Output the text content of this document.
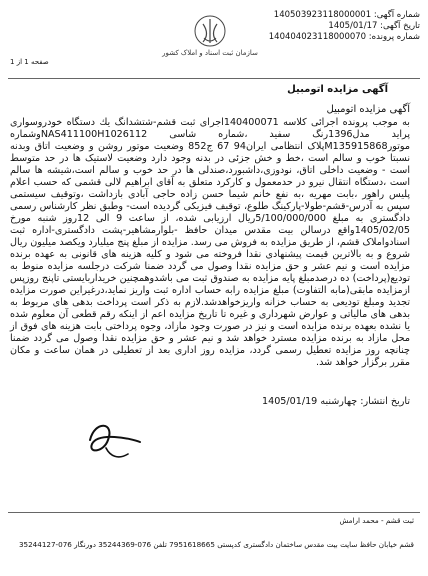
شماره آگهی: 140503923118000001
تاریخ آگهی: 1405/01/17
شماره پرونده: 140404023118000070
سازمان ثبت اسناد و املاک کشور
صفحه 1 از 1
آگهی مزایده اتومبیل

آگهی مزایده اتومبیل

به موجب پرونده اجرائی کلاسه 140400071اجرای ثبت قشم-شتشدانگ یك دستگاه خودروسواری پراید مدل1396رنگ سفید ،شماره شاسی NAS411100H1026112وشماره موتورM135915868پلاک انتظامی ایران94 67 ج852 وضعیت موتور روشن و وضعیت اتاق وبدنه نسبتا خوب و سالم است ،خط و خش جزئی در بدنه وجود دارد وضعیت لاستیک ها در حد متوسط است - وضعیت داخلی اتاق، نودوزی،داشبورد،صندلی ها در حد خوب و سالم است،شیشه ها سالم است ،دستگاه انتقال نیرو در حدمعمول و کارکرد متعلق به آقای ابراهیم لالی قشمی که حسب اعلام پلیس راهور ،بابت مهریه ،به نفع خانم شیما حسن زاده حاجی آبادی بازداشت ،وتوقیف سیستمی سپس به آدرس-قشم-طولا-پارکینگ طلوع، توقیف فیزیکی گردیده است- وطبق نظر کارشناس رسمی دادگستری به مبلغ 5/100/000/000ریال ارزیابی شده، از ساعت 9 الی 12روز شنبه مورخ 1405/02/05واقع درسالن بیت مقدس میدان حافظ -بلوارمشاهیر-پشت دادگستری-اداره ثبت اسنادواملاک قشم، از طریق مزایده به فروش می رسد. مزایده از مبلغ پنج میلیارد ویکصد میلیون ریال شروع و به بالاترین قیمت پیشنهادی نقدا فروخته می شود و کلیه هزینه های قانونی به عهده برنده مزایده است و نیم عشر و حق مزایده نقدا وصول می گردد ضمنا شرکت درجلسه مزایده منوط به تودیع(پرداخت) ده درصدمبلغ پایه مزایده به صندوق ثبت می باشدوهمچنین خریداربایستی تاپنج روزپس ازمزایده مابقی(مابه التفاوت) مبلغ مزایده رابه حساب اداره ثبت واریز نماید،درغیراین صورت مزایده تجدید ومبلغ تودیعی به حساب خزانه واریزخواهدشد.لازم به ذکر است پرداخت بدهی های مربوط به بدهی های مالیاتی و عوارض شهرداری و غیره تا تاریخ مزایده اعم از اینکه رقم قطعی آن معلوم شده یا نشده بعهده برنده مزایده است و نیز در صورت وجود مازاد، وجوه پرداختی بابت هزینه های فوق از محل مازاد به برنده مزایده مسترد خواهد شد و نیم عشر و حق مزایده نقدا وصول می گردد ضمنا چنانچه روز مزایده تعطیل رسمی گردد، مزایده روز اداری بعد از تعطیلی در همان ساعت و مکان مقرر برگزار خواهد شد.

تاریخ انتشار: چهارشنبه 1405/01/19
ثبت قشم - محمد ارامش
قشم خیابان حافظ سایت بیت مقدس ساختمان دادگستری کدپستی 7951618665 تلفن 076-35244369 دورنگار 076-35244127
